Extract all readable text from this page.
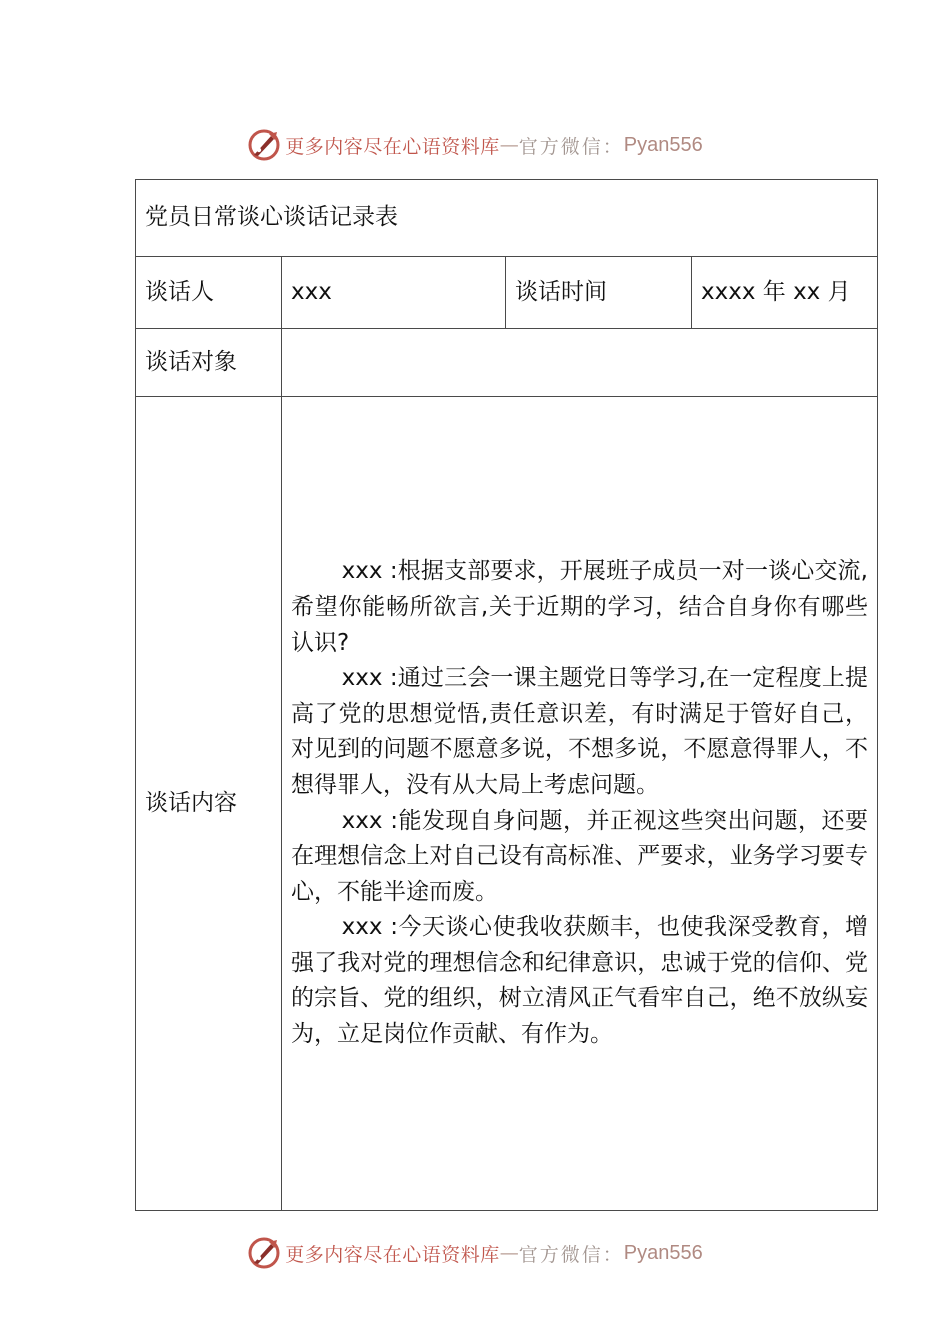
更多内容尽在心语资料库 — 官方微信： Pyan556
党员日常谈心谈话记录表			
谈话人	xxx	谈话时间	xxxx 年 xx 月
谈话对象			
谈话内容	xxx :根据支部要求，开展班子成员一对一谈心交流,希望你能畅所欲言,关于近期的学习，结合自身你有哪些认识?

xxx :通过三会一课主题党日等学习,在一定程度上提高了党的思想觉悟,责任意识差，有时满足于管好自己，对见到的问题不愿意多说，不想多说，不愿意得罪人，不想得罪人，没有从大局上考虑问题。

xxx :能发现自身问题，并正视这些突出问题，还要在理想信念上对自己设有高标准、严要求，业务学习要专心，不能半途而废。

xxx :今天谈心使我收获颇丰，也使我深受教育，增强了我对党的理想信念和纪律意识，忠诚于党的信仰、党的宗旨、党的组织，树立清风正气看牢自己，绝不放纵妄为，立足岗位作贡献、有作为。		

更多内容尽在心语资料库 — 官方微信： Pyan556
